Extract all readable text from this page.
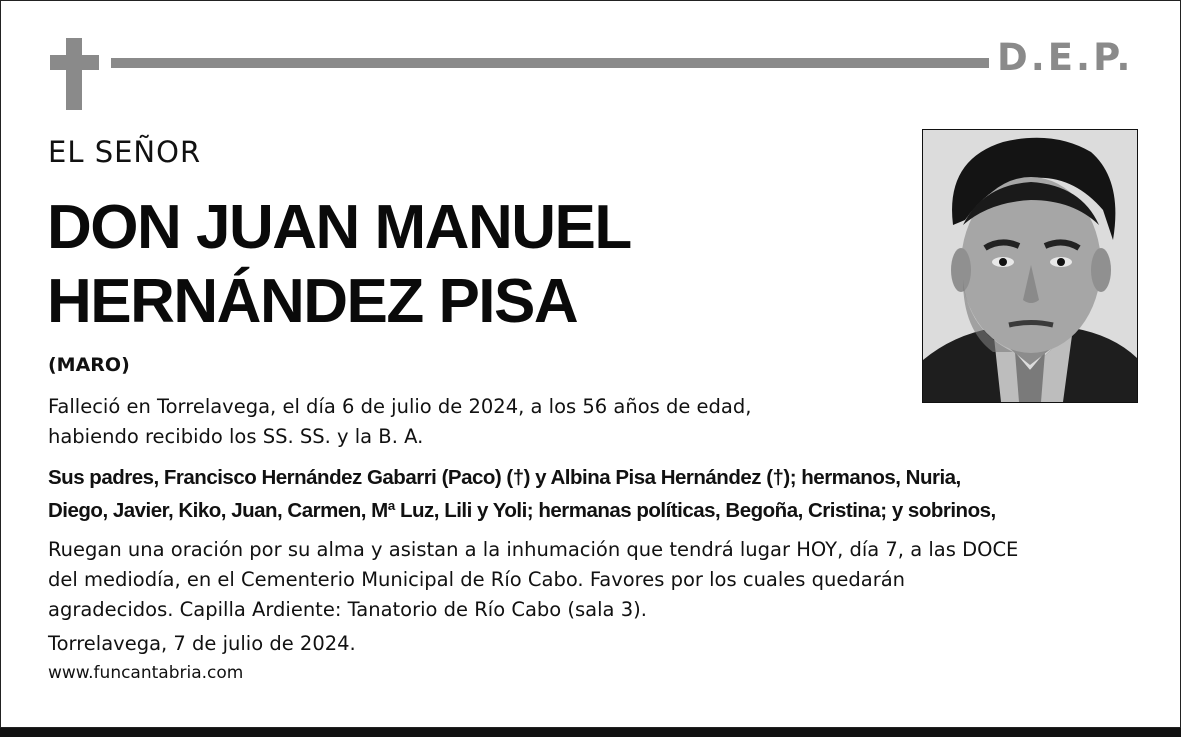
D.E.P.
EL SEÑOR
DON JUAN MANUEL
HERNÁNDEZ PISA
(MARO)
Falleció en Torrelavega, el día 6 de julio de 2024, a los 56 años de edad,
habiendo recibido los SS. SS. y la B. A.
Sus padres, Francisco Hernández Gabarri (Paco) (†) y Albina Pisa Hernández (†); hermanos, Nuria,
Diego, Javier, Kiko, Juan, Carmen, Mª Luz, Lili y Yoli; hermanas políticas, Begoña, Cristina; y sobrinos,
Ruegan una oración por su alma y asistan a la inhumación que tendrá lugar HOY, día 7, a las DOCE
del mediodía, en el Cementerio Municipal de Río Cabo. Favores por los cuales quedarán
agradecidos. Capilla Ardiente: Tanatorio de Río Cabo (sala 3).
Torrelavega, 7 de julio de 2024.
www.funcantabria.com
